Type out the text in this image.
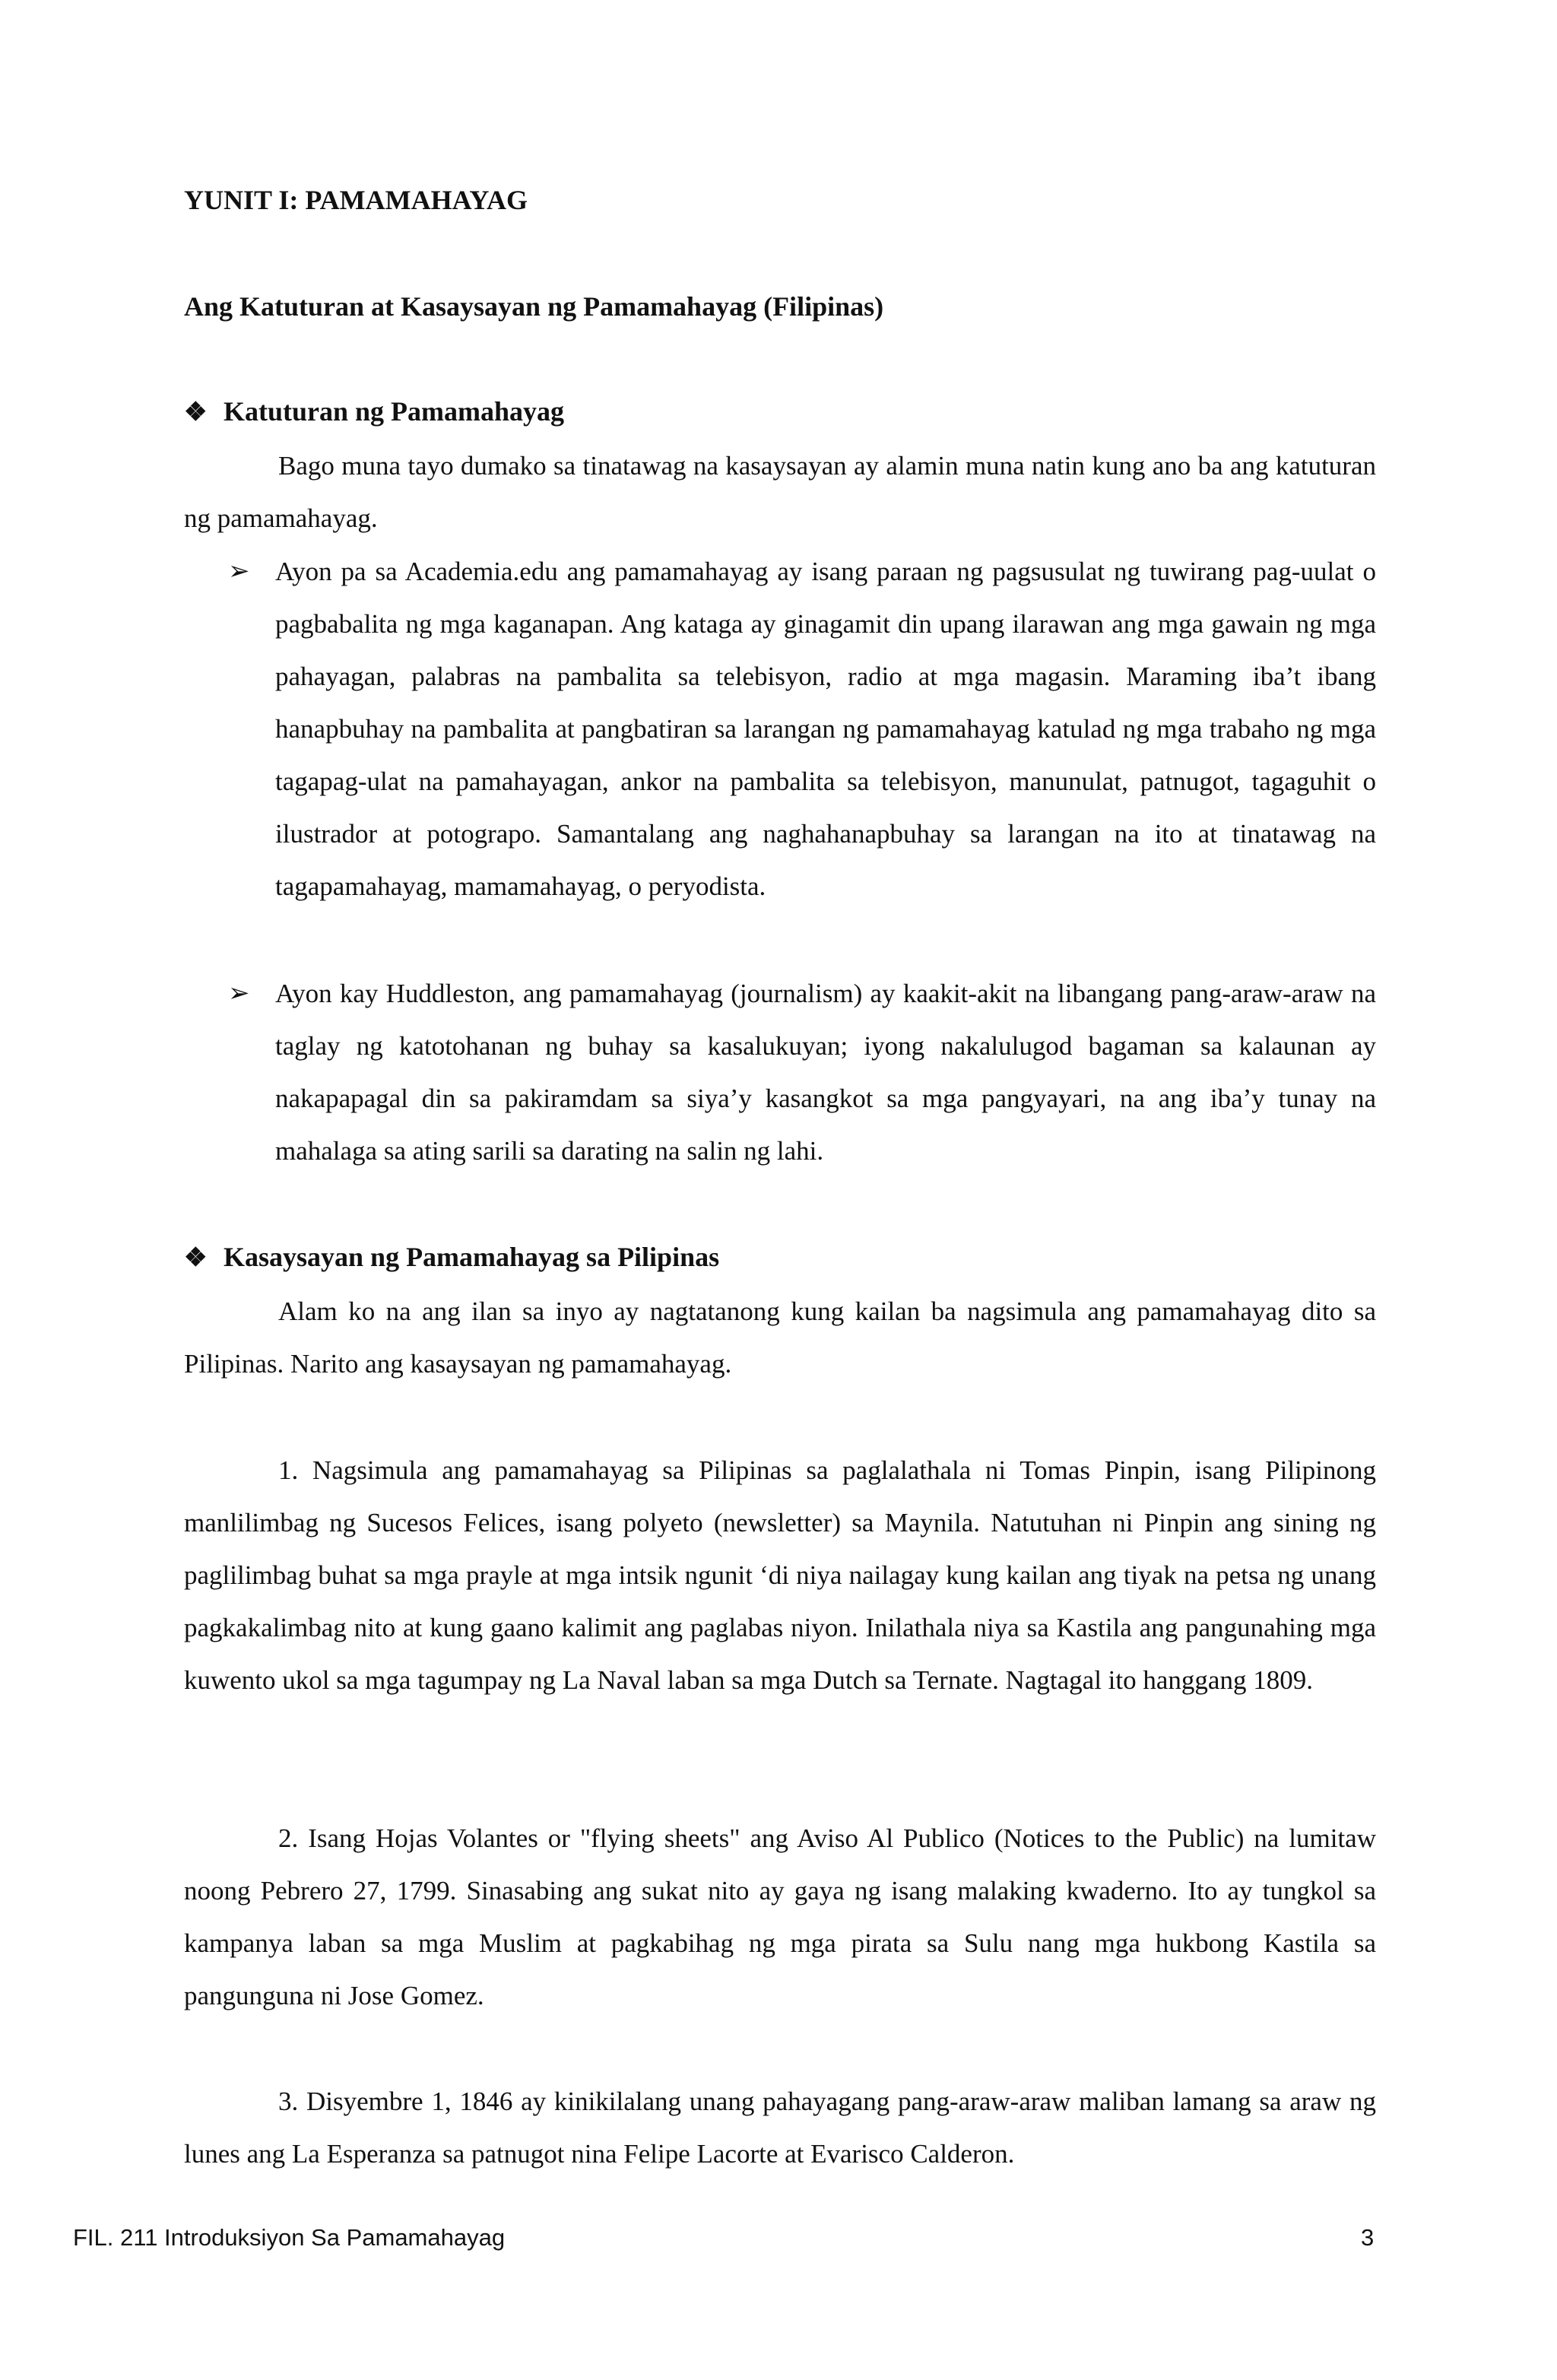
YUNIT I: PAMAMAHAYAG
Ang Katuturan at Kasaysayan ng Pamamahayag (Filipinas)
❖ Katuturan ng Pamamahayag
Bago muna tayo dumako sa tinatawag na kasaysayan ay alamin muna natin kung ano ba ang katuturan ng pamamahayag.
➢ Ayon pa sa Academia.edu ang pamamahayag ay isang paraan ng pagsusulat ng tuwirang pag-uulat o pagbabalita ng mga kaganapan. Ang kataga ay ginagamit din upang ilarawan ang mga gawain ng mga pahayagan, palabras na pambalita sa telebisyon, radio at mga magasin. Maraming iba’t ibang hanapbuhay na pambalita at pangbatiran sa larangan ng pamamahayag katulad ng mga trabaho ng mga tagapag-ulat na pamahayagan, ankor na pambalita sa telebisyon, manunulat, patnugot, tagaguhit o ilustrador at potograpo. Samantalang ang naghahanapbuhay sa larangan na ito at tinatawag na tagapamahayag, mamamahayag, o peryodista.
➢ Ayon kay Huddleston, ang pamamahayag (journalism) ay kaakit-akit na libangang pang-araw-araw na taglay ng katotohanan ng buhay sa kasalukuyan; iyong nakalulugod bagaman sa kalaunan ay nakapapagal din sa pakiramdam sa siya’y kasangkot sa mga pangyayari, na ang iba’y tunay na mahalaga sa ating sarili sa darating na salin ng lahi.
❖ Kasaysayan ng Pamamahayag sa Pilipinas
Alam ko na ang ilan sa inyo ay nagtatanong kung kailan ba nagsimula ang pamamahayag dito sa Pilipinas. Narito ang kasaysayan ng pamamahayag.
1. Nagsimula ang pamamahayag sa Pilipinas sa paglalathala ni Tomas Pinpin, isang Pilipinong manlilimbag ng Sucesos Felices, isang polyeto (newsletter) sa Maynila. Natutuhan ni Pinpin ang sining ng paglilimbag buhat sa mga prayle at mga intsik ngunit ‘di niya nailagay kung kailan ang tiyak na petsa ng unang pagkakalimbag nito at kung gaano kalimit ang paglabas niyon. Inilathala niya sa Kastila ang pangunahing mga kuwento ukol sa mga tagumpay ng La Naval laban sa mga Dutch sa Ternate. Nagtagal ito hanggang 1809.
2. Isang Hojas Volantes or "flying sheets" ang Aviso Al Publico (Notices to the Public) na lumitaw noong Pebrero 27, 1799. Sinasabing ang sukat nito ay gaya ng isang malaking kwaderno. Ito ay tungkol sa kampanya laban sa mga Muslim at pagkabihag ng mga pirata sa Sulu nang mga hukbong Kastila sa pangunguna ni Jose Gomez.
3. Disyembre 1, 1846 ay kinikilalang unang pahayagang pang-araw-araw maliban lamang sa araw ng lunes ang La Esperanza sa patnugot nina Felipe Lacorte at Evarisco Calderon.
FIL. 211 Introduksiyon Sa Pamamahayag	3
